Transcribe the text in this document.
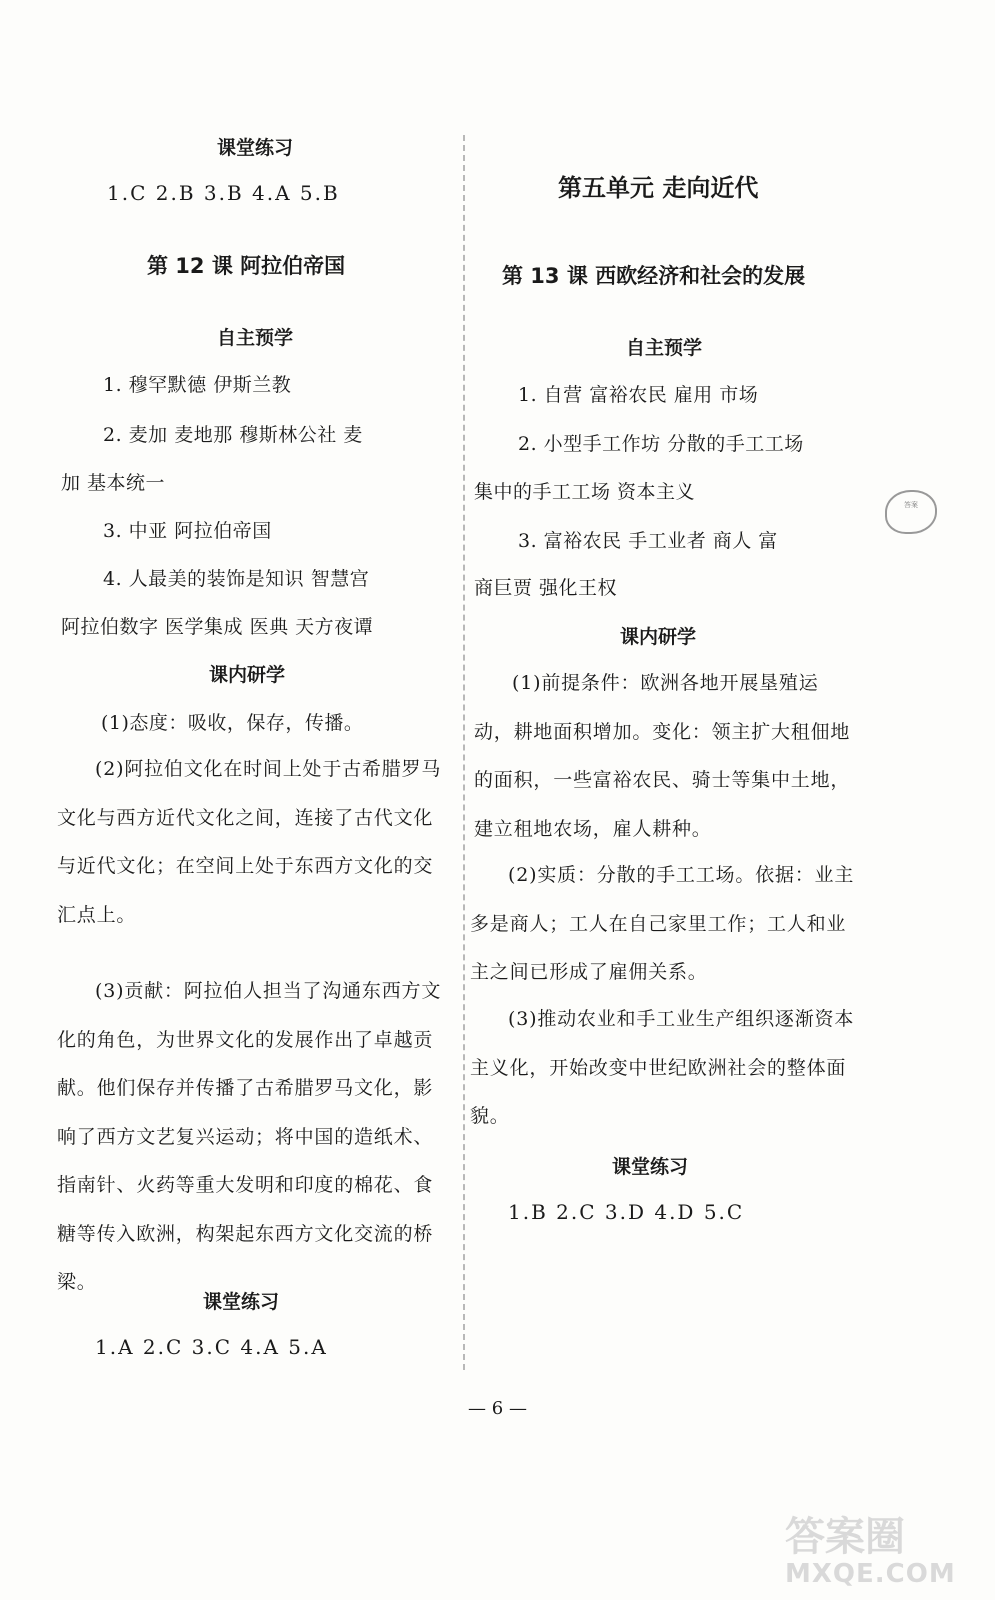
课堂练习
1.C 2.B 3.B 4.A 5.B
第 12 课 阿拉伯帝国
自主预学
1. 穆罕默德 伊斯兰教
2. 麦加 麦地那 穆斯林公社 麦
加 基本统一
3. 中亚 阿拉伯帝国
4. 人最美的装饰是知识 智慧宫
阿拉伯数字 医学集成 医典 天方夜谭
课内研学
(1)态度：吸收，保存，传播。
(2)阿拉伯文化在时间上处于古希腊罗马文化与西方近代文化之间，连接了古代文化与近代文化；在空间上处于东西方文化的交汇点上。
(3)贡献：阿拉伯人担当了沟通东西方文化的角色，为世界文化的发展作出了卓越贡献。他们保存并传播了古希腊罗马文化，影响了西方文艺复兴运动；将中国的造纸术、指南针、火药等重大发明和印度的棉花、食糖等传入欧洲，构架起东西方文化交流的桥梁。
课堂练习
1.A 2.C 3.C 4.A 5.A
第五单元 走向近代
第 13 课 西欧经济和社会的发展
自主预学
1. 自营 富裕农民 雇用 市场
2. 小型手工作坊 分散的手工工场
集中的手工工场 资本主义
3. 富裕农民 手工业者 商人 富
商巨贾 强化王权
课内研学
(1)前提条件：欧洲各地开展垦殖运动，耕地面积增加。变化：领主扩大租佃地的面积，一些富裕农民、骑士等集中土地，建立租地农场，雇人耕种。
(2)实质：分散的手工工场。依据：业主多是商人；工人在自己家里工作；工人和业主之间已形成了雇佣关系。
(3)推动农业和手工业生产组织逐渐资本主义化，开始改变中世纪欧洲社会的整体面貌。
课堂练习
1.B 2.C 3.D 4.D 5.C
— 6 —
答案
答案圈
MXQE.COM
